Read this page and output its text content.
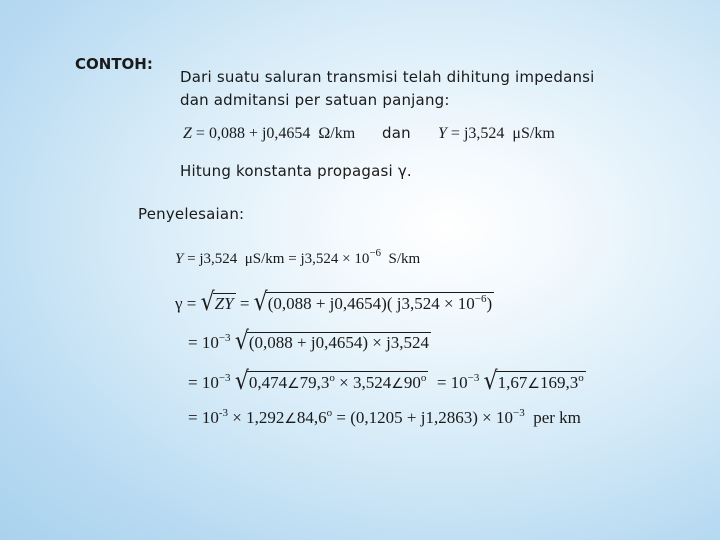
CONTOH:
Dari suatu saluran transmisi telah dihitung impedansi
dan admitansi per satuan panjang:
Z = 0,088 + j0,4654 Ω/km dan Y = j3,524 μS/km
Hitung konstanta propagasi γ.
Penyelesaian:
Y = j3,524 $\mu S/km = j3,524 \times 10^{-6}$ S/km
γ = √ZY = √(0,088 + j0,4654)( $j3,524 \times 10^{-6}$)
= $10^{-3}$ √(0,088 + j0,4654) × j3,524
= $10^{-3}$ $√0,474\angle 79,3^o$ × $3,524\angle 90^o = 10^{-3}$ $√1,67\angle 169,3^o$
= $10^{-3}$ × $1,292\angle 84,6^o = (0,1205 + j1,2863) \times 10^{-3}$ per km
